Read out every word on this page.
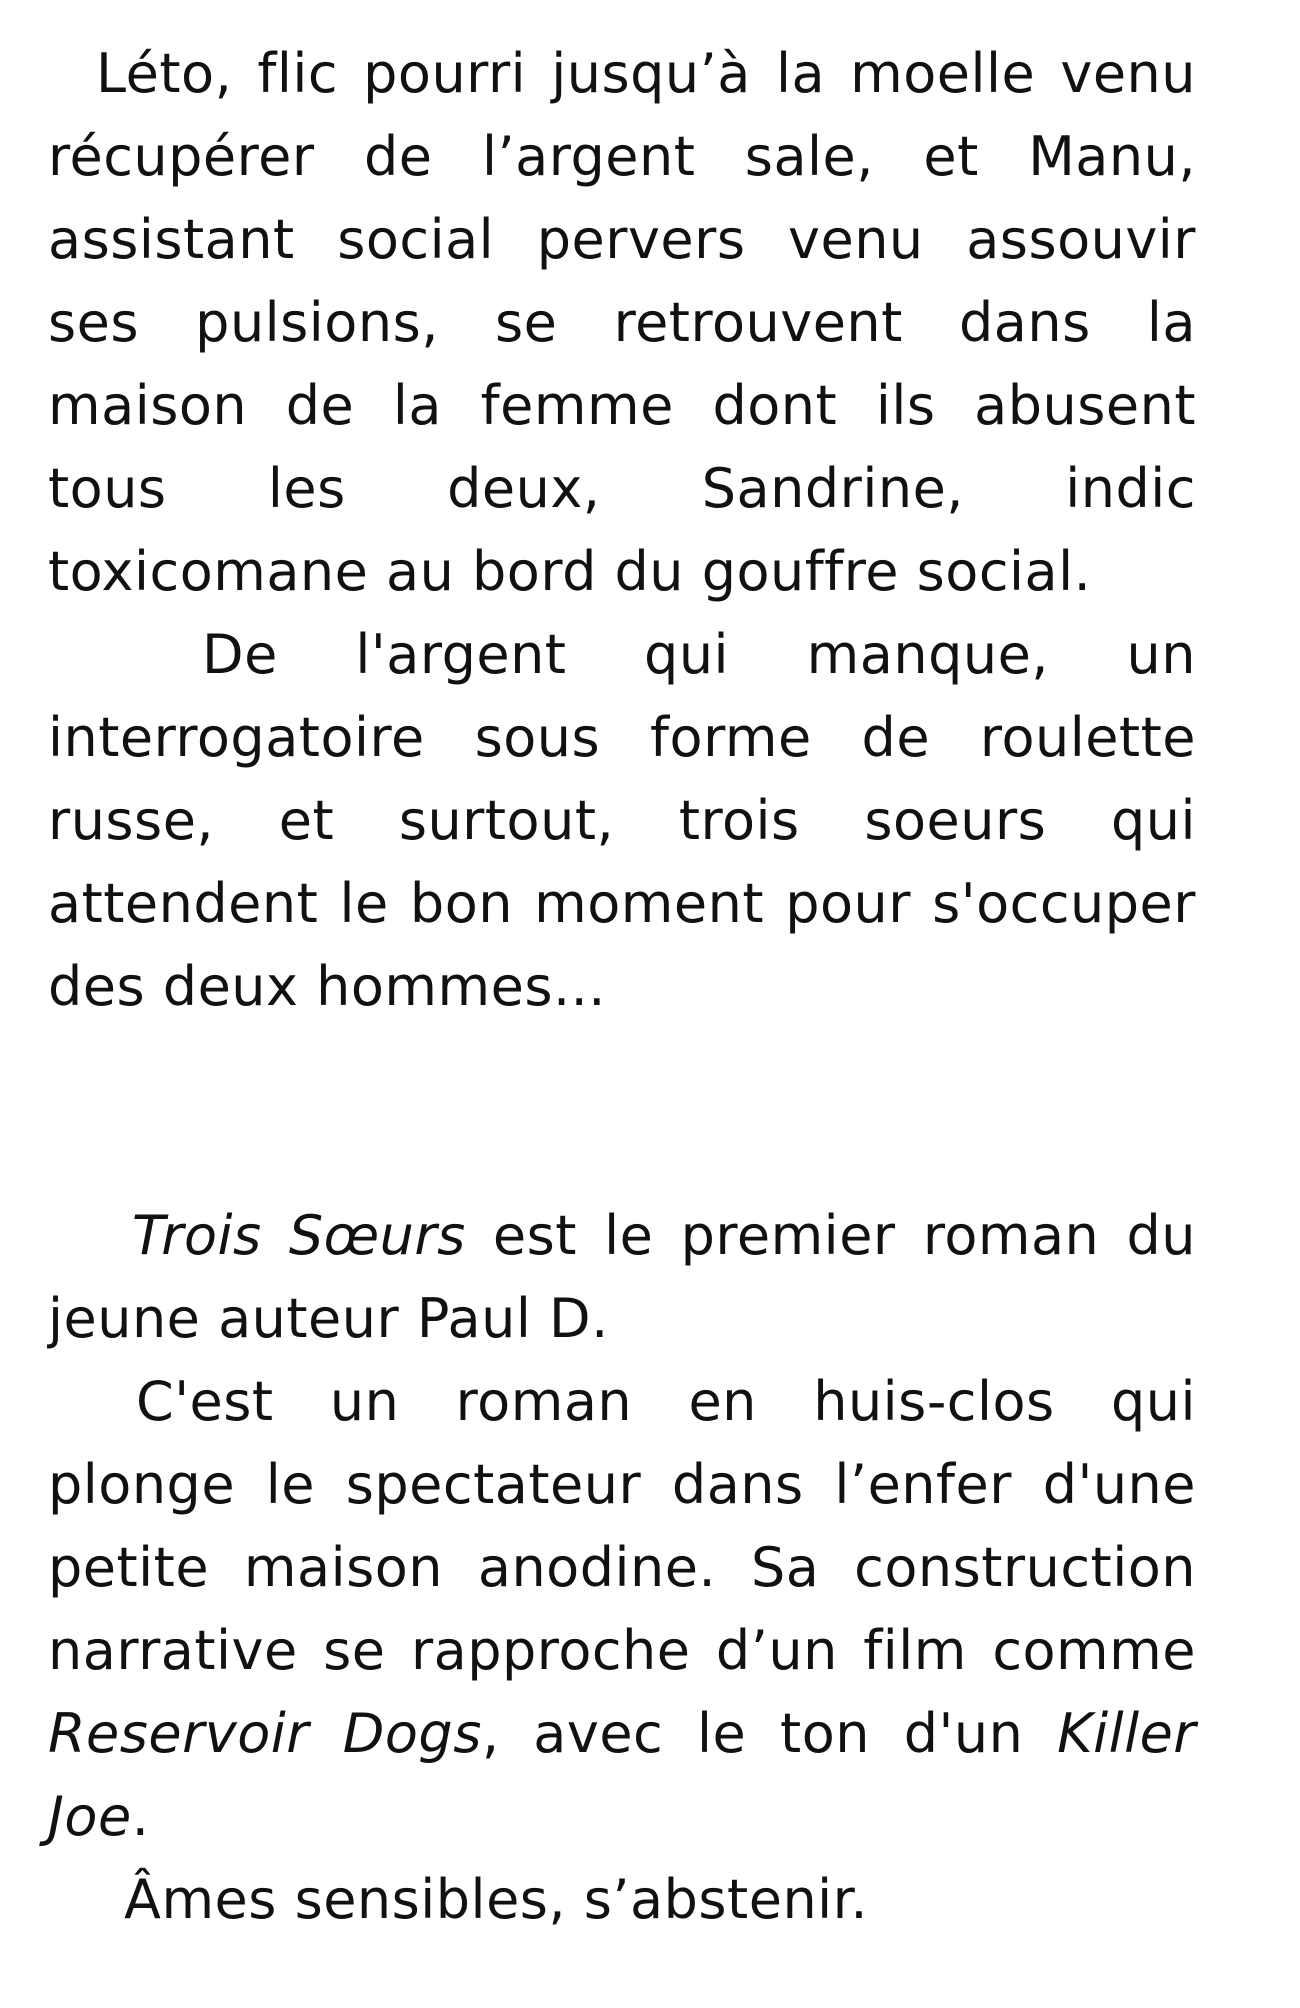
Léto, flic pourri jusqu’à la moelle venu récupérer de l’argent sale, et Manu, assistant social pervers venu assouvir ses pulsions, se retrouvent dans la maison de la femme dont ils abusent tous les deux, Sandrine, indic toxicomane au bord du gouffre social.

De l'argent qui manque, un interrogatoire sous forme de roulette russe, et surtout, trois soeurs qui attendent le bon moment pour s'occuper des deux hommes...

Trois Sœurs est le premier roman du jeune auteur Paul D.

C'est un roman en huis-clos qui plonge le spectateur dans l’enfer d'une petite maison anodine. Sa construction narrative se rapproche d’un film comme Reservoir Dogs, avec le ton d'un Killer Joe.

Âmes sensibles, s’abstenir.
